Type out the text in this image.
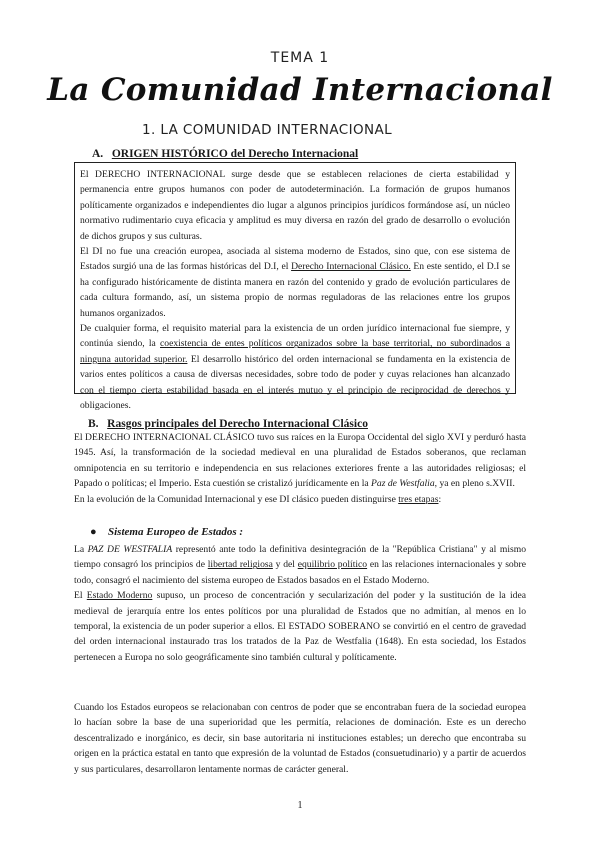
TEMA 1
La Comunidad Internacional
1. LA COMUNIDAD INTERNACIONAL
A. ORIGEN HISTÓRICO del Derecho Internacional

El DERECHO INTERNACIONAL surge desde que se establecen relaciones de cierta estabilidad y permanencia entre grupos humanos con poder de autodeterminación. La formación de grupos humanos políticamente organizados e independientes dio lugar a algunos principios jurídicos formándose así, un núcleo normativo rudimentario cuya eficacia y amplitud es muy diversa en razón del grado de desarrollo o evolución de dichos grupos y sus culturas.

El DI no fue una creación europea, asociada al sistema moderno de Estados, sino que, con ese sistema de Estados surgió una de las formas históricas del D.I, el Derecho Internacional Clásico. En este sentido, el D.I se ha configurado históricamente de distinta manera en razón del contenido y grado de evolución particulares de cada cultura formando, así, un sistema propio de normas reguladoras de las relaciones entre los grupos humanos organizados.

De cualquier forma, el requisito material para la existencia de un orden jurídico internacional fue siempre, y continúa siendo, la coexistencia de entes políticos organizados sobre la base territorial, no subordinados a ninguna autoridad superior. El desarrollo histórico del orden internacional se fundamenta en la existencia de varios entes políticos a causa de diversas necesidades, sobre todo de poder y cuyas relaciones han alcanzado con el tiempo cierta estabilidad basada en el interés mutuo y el principio de reciprocidad de derechos y obligaciones.

B. Rasgos principales del Derecho Internacional Clásico

El DERECHO INTERNACIONAL CLÁSICO tuvo sus raíces en la Europa Occidental del siglo XVI y perduró hasta 1945. Así, la transformación de la sociedad medieval en una pluralidad de Estados soberanos, que reclaman omnipotencia en su territorio e independencia en sus relaciones exteriores frente a las autoridades religiosas; el Papado o políticas; el Imperio. Esta cuestión se cristalizó jurídicamente en la Paz de Westfalia, ya en pleno s.XVII.

En la evolución de la Comunidad Internacional y ese DI clásico pueden distinguirse tres etapas:

● Sistema Europeo de Estados :

La PAZ DE WESTFALIA representó ante todo la definitiva desintegración de la "República Cristiana" y al mismo tiempo consagró los principios de libertad religiosa y del equilibrio político en las relaciones internacionales y sobre todo, consagró el nacimiento del sistema europeo de Estados basados en el Estado Moderno.

El Estado Moderno supuso, un proceso de concentración y secularización del poder y la sustitución de la idea medieval de jerarquía entre los entes políticos por una pluralidad de Estados que no admitían, al menos en lo temporal, la existencia de un poder superior a ellos. El ESTADO SOBERANO se convirtió en el centro de gravedad del orden internacional instaurado tras los tratados de la Paz de Westfalia (1648). En esta sociedad, los Estados pertenecen a Europa no solo geográficamente sino también cultural y políticamente.

Cuando los Estados europeos se relacionaban con centros de poder que se encontraban fuera de la sociedad europea lo hacían sobre la base de una superioridad que les permitía, relaciones de dominación. Este es un derecho descentralizado e inorgánico, es decir, sin base autoritaria ni instituciones estables; un derecho que encontraba su origen en la práctica estatal en tanto que expresión de la voluntad de Estados (consuetudinario) y a partir de acuerdos y sus particulares, desarrollaron lentamente normas de carácter general.

1
